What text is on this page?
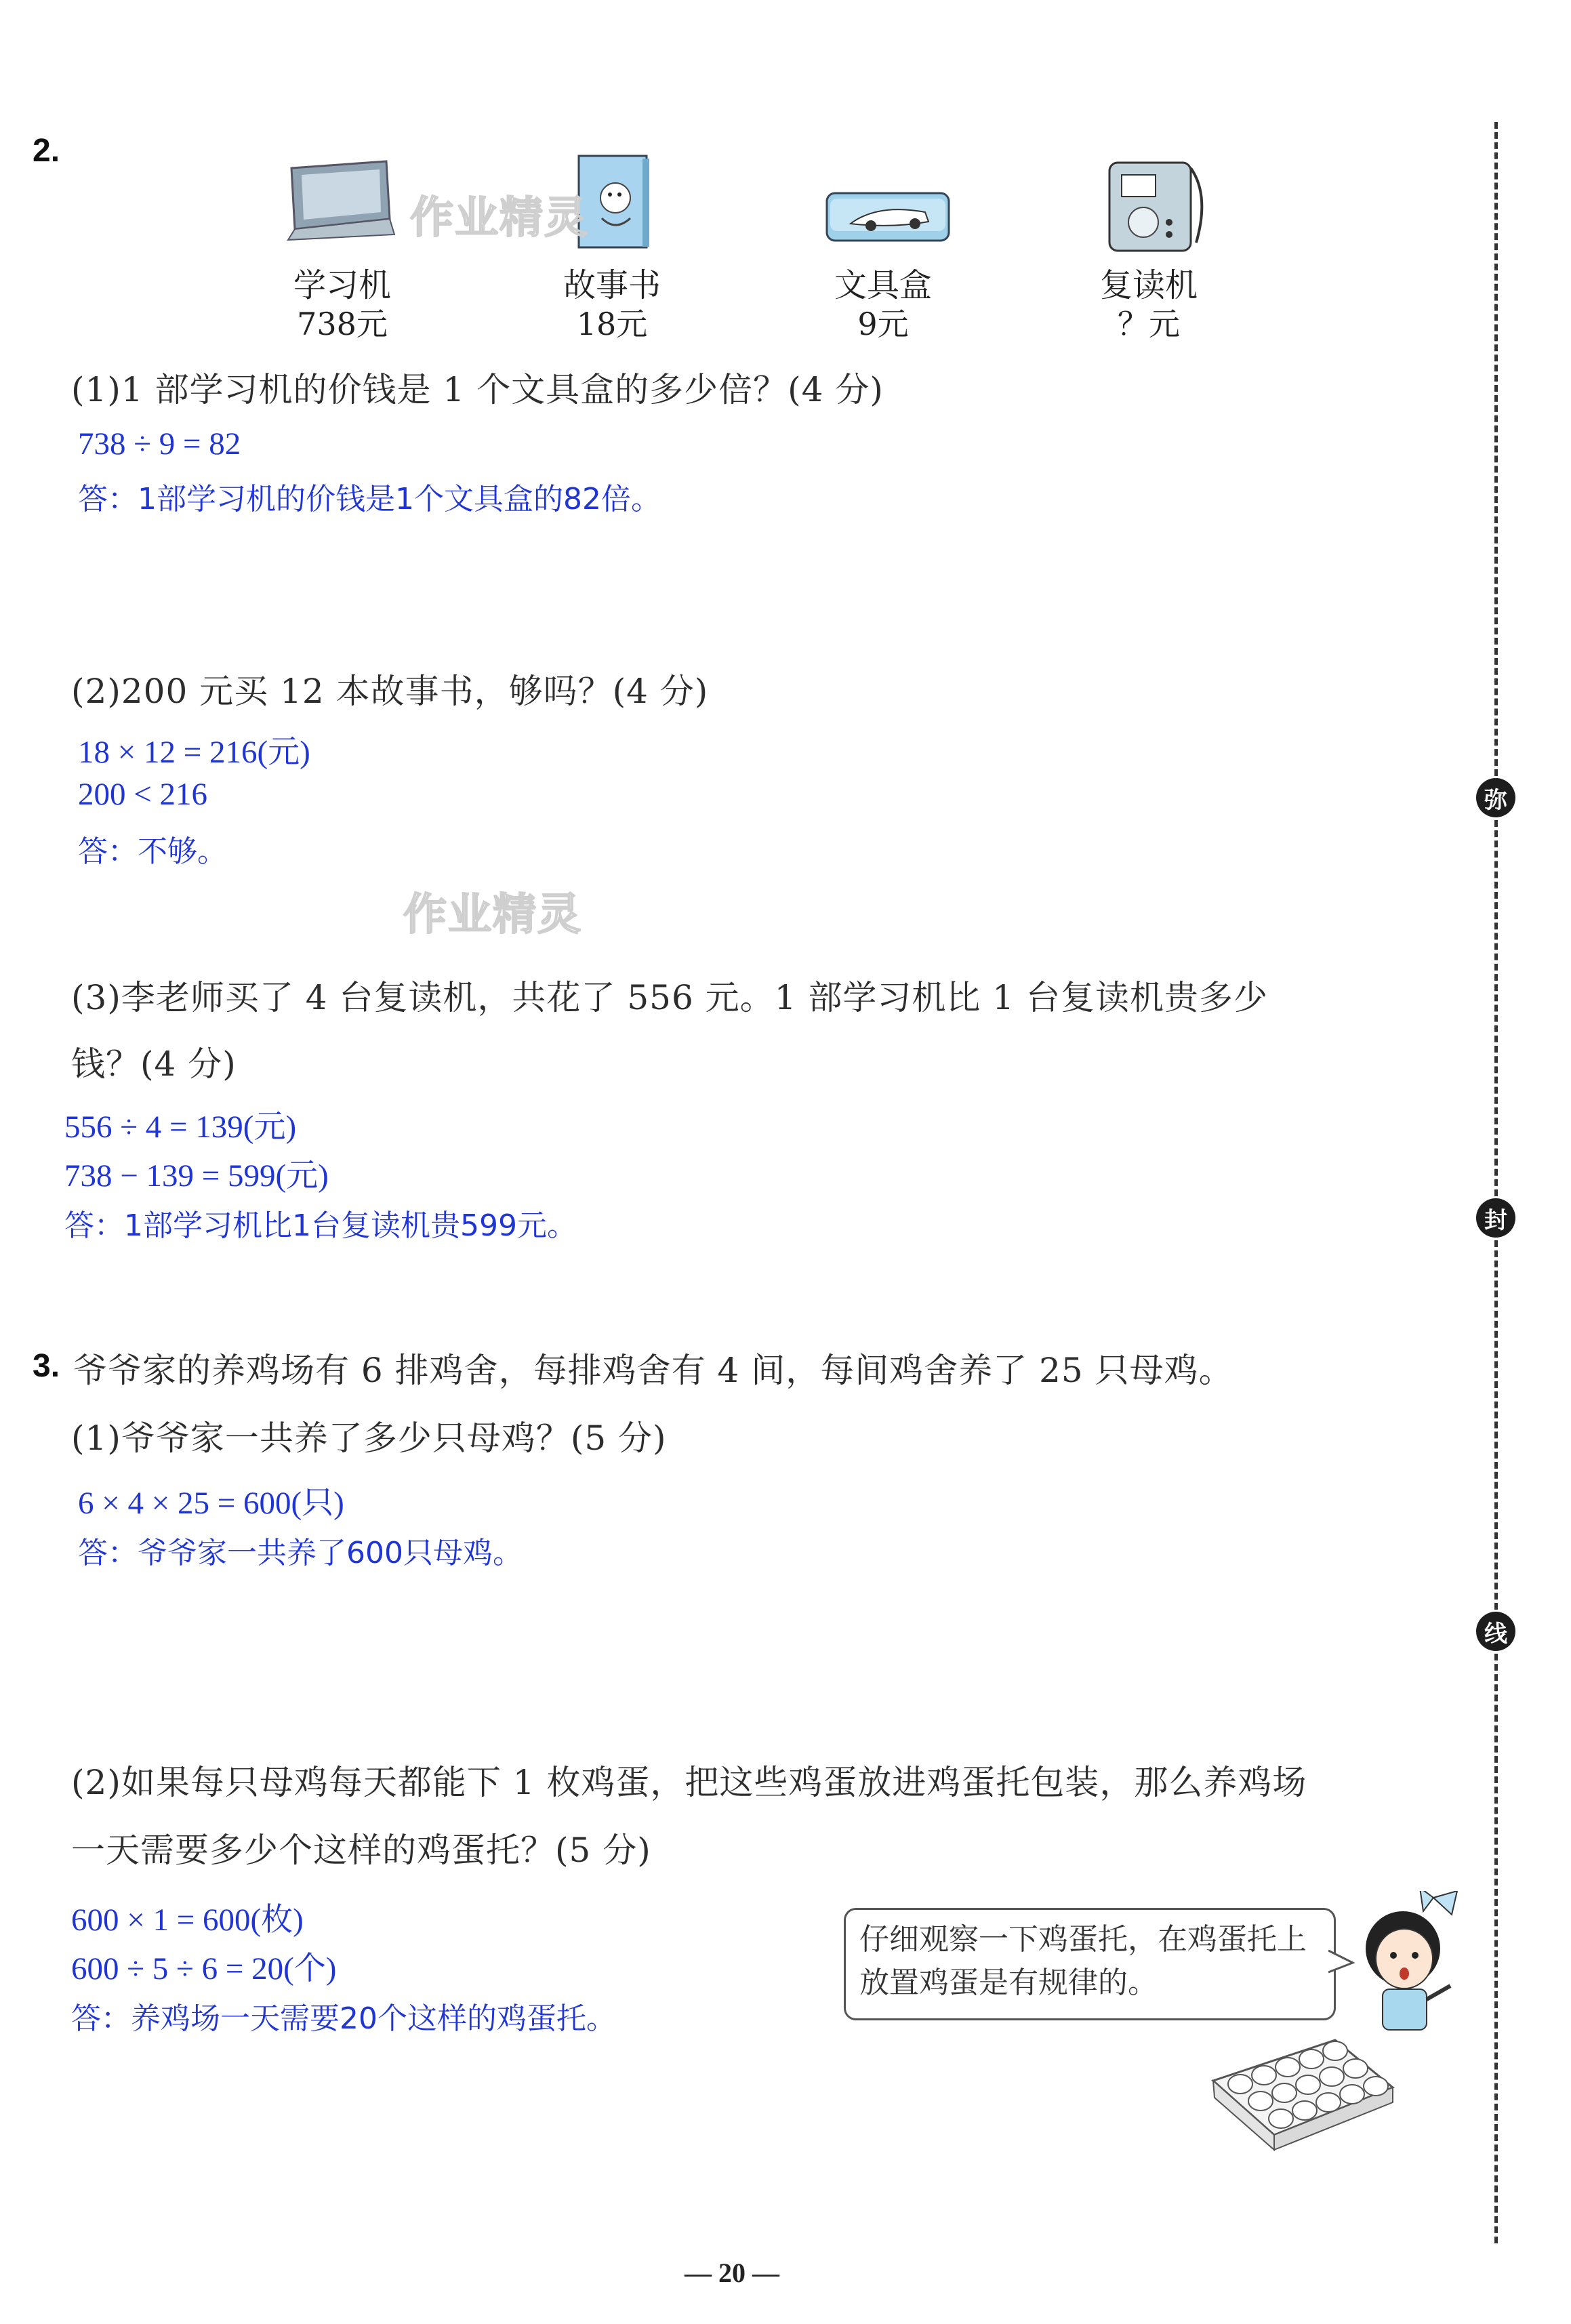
2.
学习机
738元
故事书
18元
文具盒
9元
复读机
？元
作业精灵
作业精灵
(1)1 部学习机的价钱是 1 个文具盒的多少倍？(4 分)
738 ÷ 9 = 82
答：1部学习机的价钱是1个文具盒的82倍。
(2)200 元买 12 本故事书，够吗？(4 分)
18 × 12 = 216(元)
200 < 216
答：不够。
(3)李老师买了 4 台复读机，共花了 556 元。1 部学习机比 1 台复读机贵多少
钱？(4 分)
556 ÷ 4 = 139(元)
738 − 139 = 599(元)
答：1部学习机比1台复读机贵599元。
3. 爷爷家的养鸡场有 6 排鸡舍，每排鸡舍有 4 间，每间鸡舍养了 25 只母鸡。
(1)爷爷家一共养了多少只母鸡？(5 分)
6 × 4 × 25 = 600(只)
答：爷爷家一共养了600只母鸡。
(2)如果每只母鸡每天都能下 1 枚鸡蛋，把这些鸡蛋放进鸡蛋托包装，那么养鸡场
一天需要多少个这样的鸡蛋托？(5 分)
600 × 1 = 600(枚)
600 ÷ 5 ÷ 6 = 20(个)
答：养鸡场一天需要20个这样的鸡蛋托。
仔细观察一下鸡蛋托，在鸡蛋托上放置鸡蛋是有规律的。
弥
封
线
— 20 —
